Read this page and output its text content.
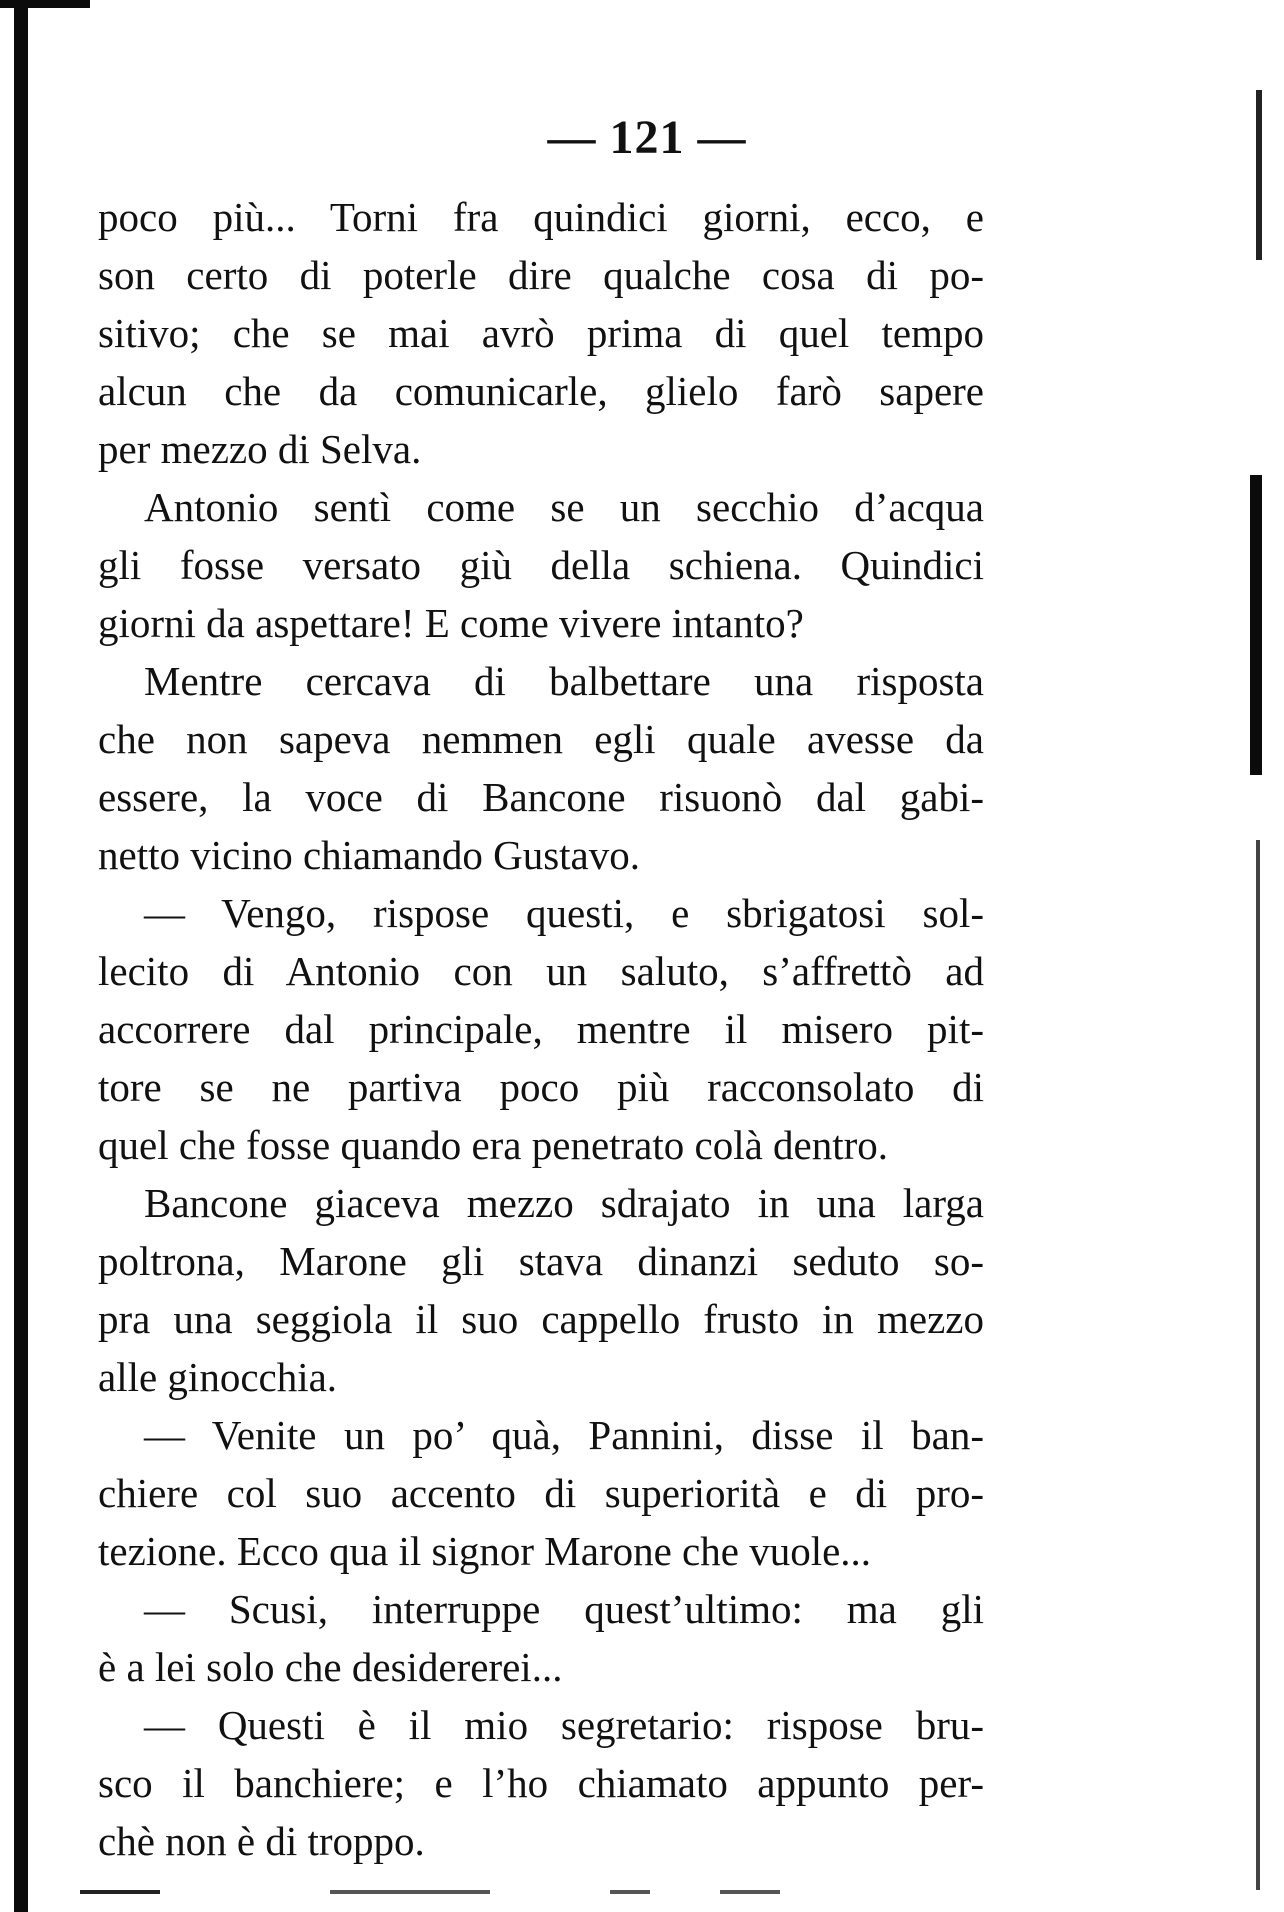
— 121 —
poco più... Torni fra quindici giorni, ecco, e
son certo di poterle dire qualche cosa di po-
sitivo; che se mai avrò prima di quel tempo
alcun che da comunicarle, glielo farò sapere
per mezzo di Selva.
Antonio sentì come se un secchio d’acqua
gli fosse versato giù della schiena. Quindici
giorni da aspettare! E come vivere intanto?
Mentre cercava di balbettare una risposta
che non sapeva nemmen egli quale avesse da
essere, la voce di Bancone risuonò dal gabi-
netto vicino chiamando Gustavo.
— Vengo, rispose questi, e sbrigatosi sol-
lecito di Antonio con un saluto, s’affrettò ad
accorrere dal principale, mentre il misero pit-
tore se ne partiva poco più racconsolato di
quel che fosse quando era penetrato colà dentro.
Bancone giaceva mezzo sdrajato in una larga
poltrona, Marone gli stava dinanzi seduto so-
pra una seggiola il suo cappello frusto in mezzo
alle ginocchia.
— Venite un po’ quà, Pannini, disse il ban-
chiere col suo accento di superiorità e di pro-
tezione. Ecco qua il signor Marone che vuole...
— Scusi, interruppe quest’ultimo: ma gli
è a lei solo che desidererei...
— Questi è il mio segretario: rispose bru-
sco il banchiere; e l’ho chiamato appunto per-
chè non è di troppo.
